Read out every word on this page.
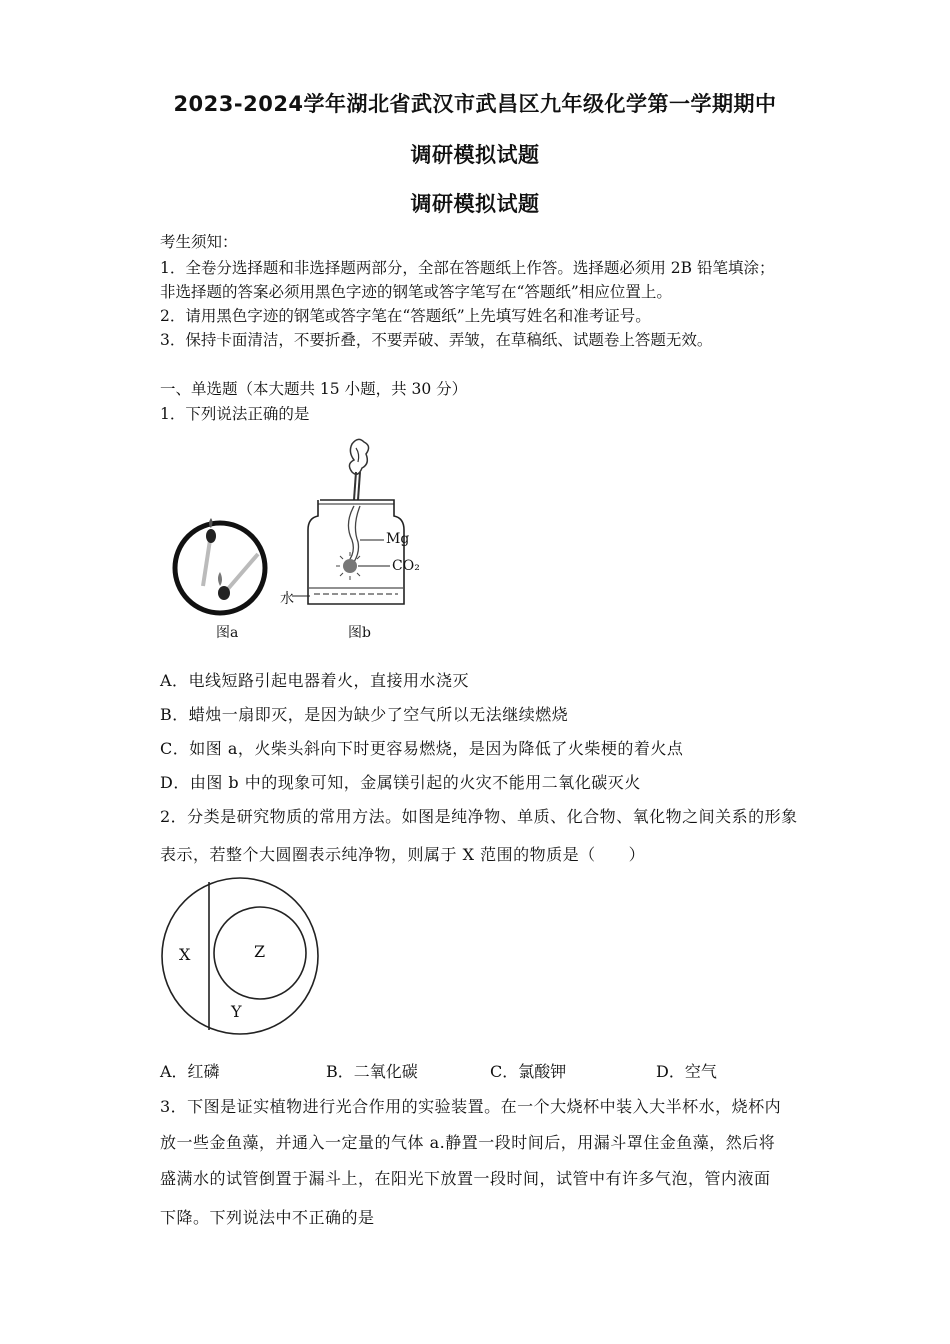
2023-2024学年湖北省武汉市武昌区九年级化学第一学期期中
调研模拟试题
调研模拟试题
考生须知：
1．全卷分选择题和非选择题两部分，全部在答题纸上作答。选择题必须用 2B 铅笔填涂；
非选择题的答案必须用黑色字迹的钢笔或答字笔写在“答题纸”相应位置上。
2．请用黑色字迹的钢笔或答字笔在“答题纸”上先填写姓名和准考证号。
3．保持卡面清洁，不要折叠，不要弄破、弄皱，在草稿纸、试题卷上答题无效。
一、单选题（本大题共 15 小题，共 30 分）
1．下列说法正确的是
图a
Mg
CO₂
水
图b
A．电线短路引起电器着火，直接用水浇灭
B．蜡烛一扇即灭，是因为缺少了空气所以无法继续燃烧
C．如图 a，火柴头斜向下时更容易燃烧，是因为降低了火柴梗的着火点
D．由图 b 中的现象可知，金属镁引起的火灾不能用二氧化碳灭火
2．分类是研究物质的常用方法。如图是纯净物、单质、化合物、氧化物之间关系的形象
表示，若整个大圆圈表示纯净物，则属于 X 范围的物质是（　　）
X	Z
Y
A．红磷	B．二氧化碳	C．氯酸钾	D．空气
3．下图是证实植物进行光合作用的实验装置。在一个大烧杯中装入大半杯水，烧杯内
放一些金鱼藻，并通入一定量的气体 a.静置一段时间后，用漏斗罩住金鱼藻，然后将
盛满水的试管倒置于漏斗上，在阳光下放置一段时间，试管中有许多气泡，管内液面
下降。下列说法中不正确的是
